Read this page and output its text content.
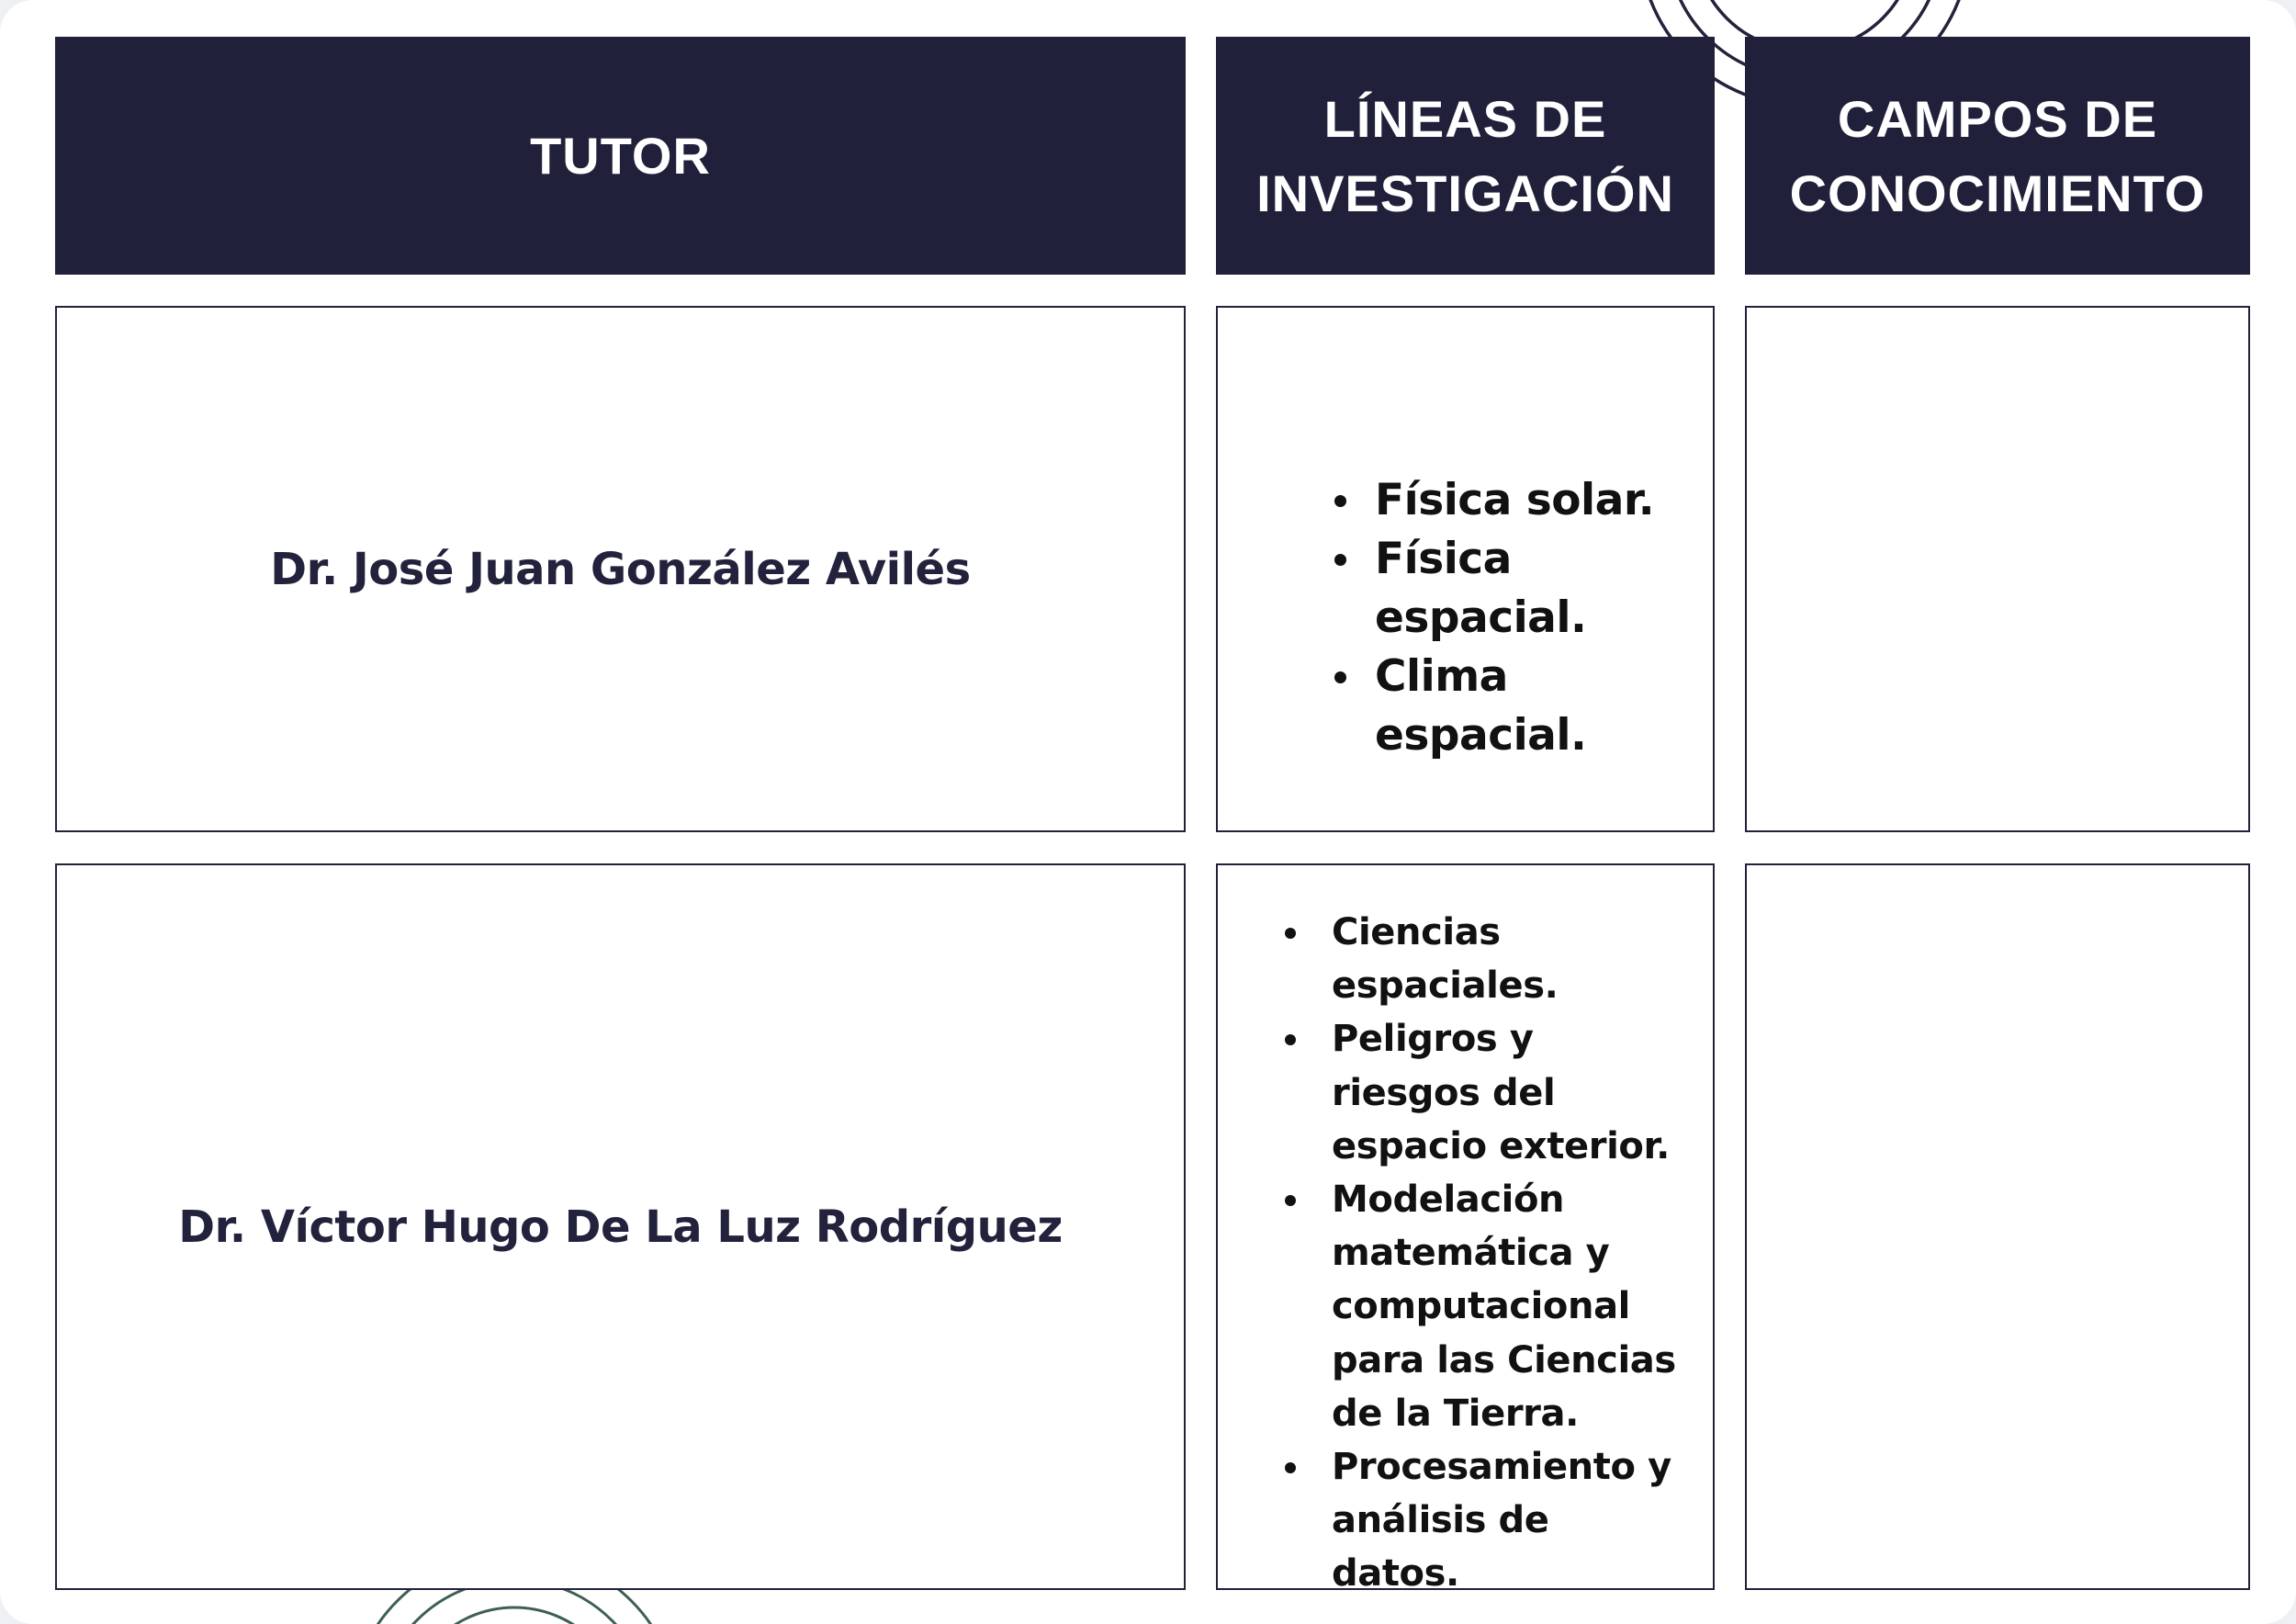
TUTOR
LÍNEAS DE
INVESTIGACIÓN
CAMPOS DE
CONOCIMIENTO
Dr. José Juan González Avilés
Física solar.
Física espacial.
Clima espacial.
Dr. Víctor Hugo De La Luz Rodríguez
Ciencias espaciales.
Peligros y riesgos del espacio exterior.
Modelación matemática y computacional para las Ciencias de la Tierra.
Procesamiento y análisis de datos.
